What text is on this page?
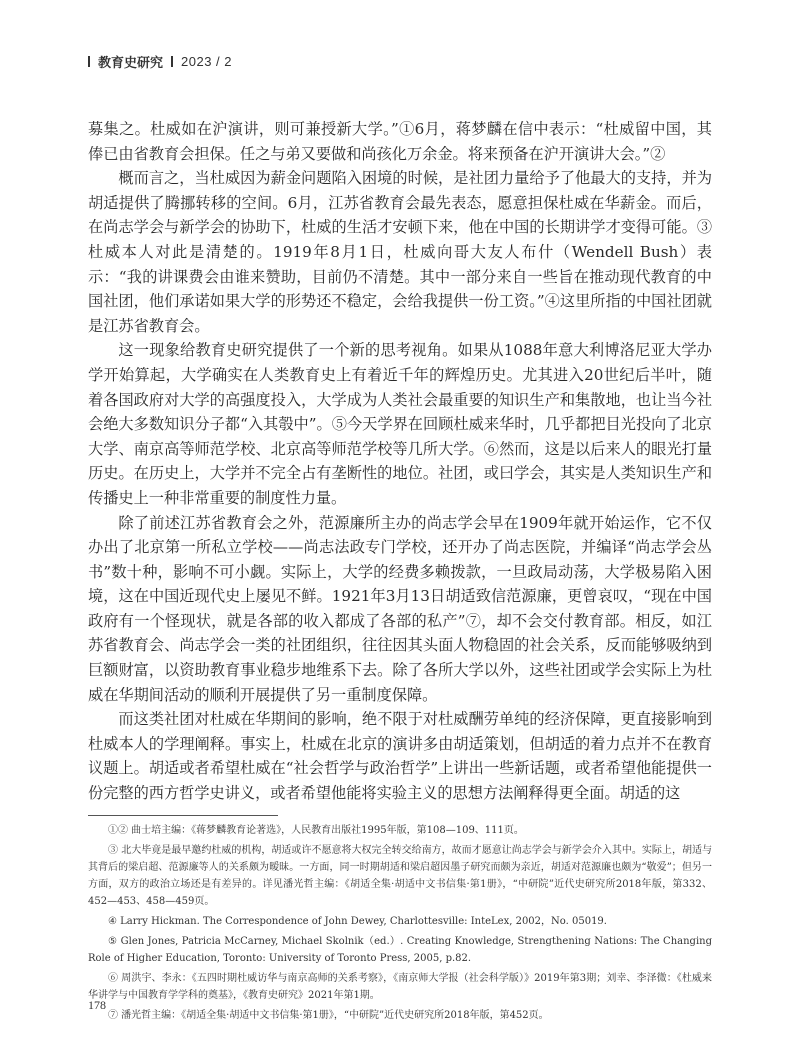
教育史研究 2023 / 2

募集之。杜威如在沪演讲，则可兼授新大学。”①6月，蒋梦麟在信中表示：“杜威留中国，其俸已由省教育会担保。任之与弟又要做和尚孩化万余金。将来预备在沪开演讲大会。”②

概而言之，当杜威因为薪金问题陷入困境的时候，是社团力量给予了他最大的支持，并为胡适提供了腾挪转移的空间。6月，江苏省教育会最先表态，愿意担保杜威在华薪金。而后，在尚志学会与新学会的协助下，杜威的生活才安顿下来，他在中国的长期讲学才变得可能。③杜威本人对此是清楚的。1919年8月1日，杜威向哥大友人布什（Wendell Bush）表示：“我的讲课费会由谁来赞助，目前仍不清楚。其中一部分来自一些旨在推动现代教育的中国社团，他们承诺如果大学的形势还不稳定，会给我提供一份工资。”④这里所指的中国社团就是江苏省教育会。

这一现象给教育史研究提供了一个新的思考视角。如果从1088年意大利博洛尼亚大学办学开始算起，大学确实在人类教育史上有着近千年的辉煌历史。尤其进入20世纪后半叶，随着各国政府对大学的高强度投入，大学成为人类社会最重要的知识生产和集散地，也让当今社会绝大多数知识分子都“入其彀中”。⑤今天学界在回顾杜威来华时，几乎都把目光投向了北京大学、南京高等师范学校、北京高等师范学校等几所大学。⑥然而，这是以后来人的眼光打量历史。在历史上，大学并不完全占有垄断性的地位。社团，或曰学会，其实是人类知识生产和传播史上一种非常重要的制度性力量。

除了前述江苏省教育会之外，范源廉所主办的尚志学会早在1909年就开始运作，它不仅办出了北京第一所私立学校——尚志法政专门学校，还开办了尚志医院，并编译“尚志学会丛书”数十种，影响不可小觑。实际上，大学的经费多赖拨款，一旦政局动荡，大学极易陷入困境，这在中国近现代史上屡见不鲜。1921年3月13日胡适致信范源廉，更曾哀叹，“现在中国政府有一个怪现状，就是各部的收入都成了各部的私产”⑦，却不会交付教育部。相反，如江苏省教育会、尚志学会一类的社团组织，往往因其头面人物稳固的社会关系，反而能够吸纳到巨额财富，以资助教育事业稳步地维系下去。除了各所大学以外，这些社团或学会实际上为杜威在华期间活动的顺利开展提供了另一重制度保障。

而这类社团对杜威在华期间的影响，绝不限于对杜威酬劳单纯的经济保障，更直接影响到杜威本人的学理阐释。事实上，杜威在北京的演讲多由胡适策划，但胡适的着力点并不在教育议题上。胡适或者希望杜威在“社会哲学与政治哲学”上讲出一些新话题，或者希望他能提供一份完整的西方哲学史讲义，或者希望他能将实验主义的思想方法阐释得更全面。胡适的这

①② 曲士培主编：《蒋梦麟教育论著选》，人民教育出版社1995年版，第108—109、111页。

③ 北大毕竟是最早邀约杜威的机构，胡适或许不愿意将大权完全转交给南方，故而才愿意让尚志学会与新学会介入其中。实际上，胡适与其背后的梁启超、范源廉等人的关系颇为暧昧。一方面，同一时期胡适和梁启超因墨子研究而颇为亲近，胡适对范源廉也颇为“敬爱”；但另一方面，双方的政治立场还是有差异的。详见潘光哲主编：《胡适全集·胡适中文书信集·第1册》，“中研院”近代史研究所2018年版，第332、452—453、458—459页。

④ Larry Hickman. The Correspondence of John Dewey, Charlottesville: InteLex, 2002，No. 05019.

⑤ Glen Jones, Patricia McCarney, Michael Skolnik（ed.）. Creating Knowledge, Strengthening Nations: The Changing Role of Higher Education, Toronto: University of Toronto Press, 2005, p.82.

⑥ 周洪宇、李永：《五四时期杜威访华与南京高师的关系考察》，《南京师大学报（社会科学版）》2019年第3期；刘幸、李泽微：《杜威来华讲学与中国教育学学科的奠基》，《教育史研究》2021年第1期。

⑦ 潘光哲主编：《胡适全集·胡适中文书信集·第1册》，“中研院”近代史研究所2018年版，第452页。

178
